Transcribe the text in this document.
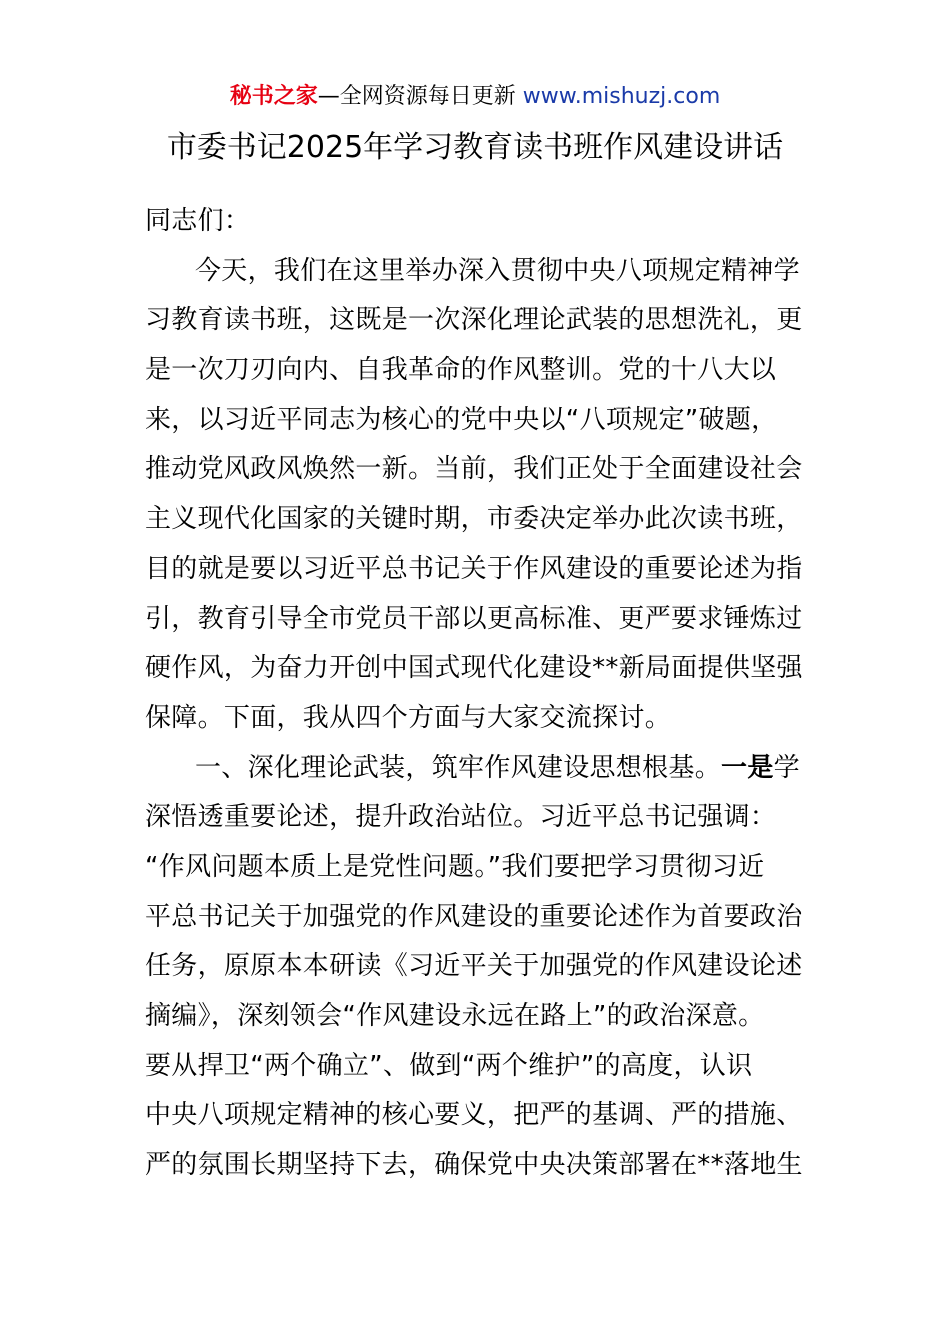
秘书之家—全网资源每日更新 www.mishuzj.com
市委书记2025年学习教育读书班作风建设讲话
同志们：
今天，我们在这里举办深入贯彻中央八项规定精神学
习教育读书班，这既是一次深化理论武装的思想洗礼，更
是一次刀刃向内、自我革命的作风整训。党的十八大以
来，以习近平同志为核心的党中央以“八项规定”破题，
推动党风政风焕然一新。当前，我们正处于全面建设社会
主义现代化国家的关键时期，市委决定举办此次读书班，
目的就是要以习近平总书记关于作风建设的重要论述为指
引，教育引导全市党员干部以更高标准、更严要求锤炼过
硬作风，为奋力开创中国式现代化建设**新局面提供坚强
保障。下面，我从四个方面与大家交流探讨。
一、深化理论武装，筑牢作风建设思想根基。一是学
深悟透重要论述，提升政治站位。习近平总书记强调：
“作风问题本质上是党性问题。”我们要把学习贯彻习近
平总书记关于加强党的作风建设的重要论述作为首要政治
任务，原原本本研读《习近平关于加强党的作风建设论述
摘编》，深刻领会“作风建设永远在路上”的政治深意。
要从捍卫“两个确立”、做到“两个维护”的高度，认识
中央八项规定精神的核心要义，把严的基调、严的措施、
严的氛围长期坚持下去，确保党中央决策部署在**落地生
